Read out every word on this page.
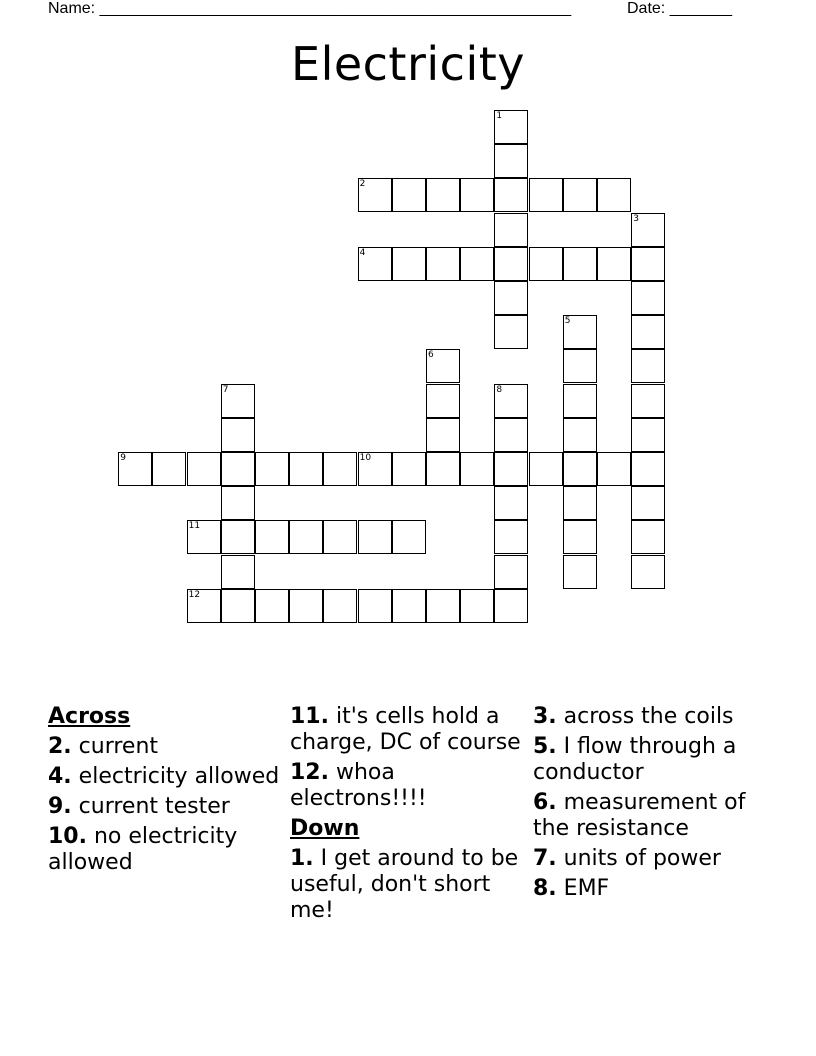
Name: _____________________________________________________

	Date: _______

Electricity
1
2
3
4
5
6
7	8
9	10
11
12
Across
2. current
4. electricity allowed
9. current tester
10. no electricity allowed
11. it's cells hold a charge, DC of course
12. whoa electrons!!!!
Down
1. I get around to be useful, don't short me!
3. across the coils
5. I flow through a conductor
6. measurement of the resistance
7. units of power
8. EMF
